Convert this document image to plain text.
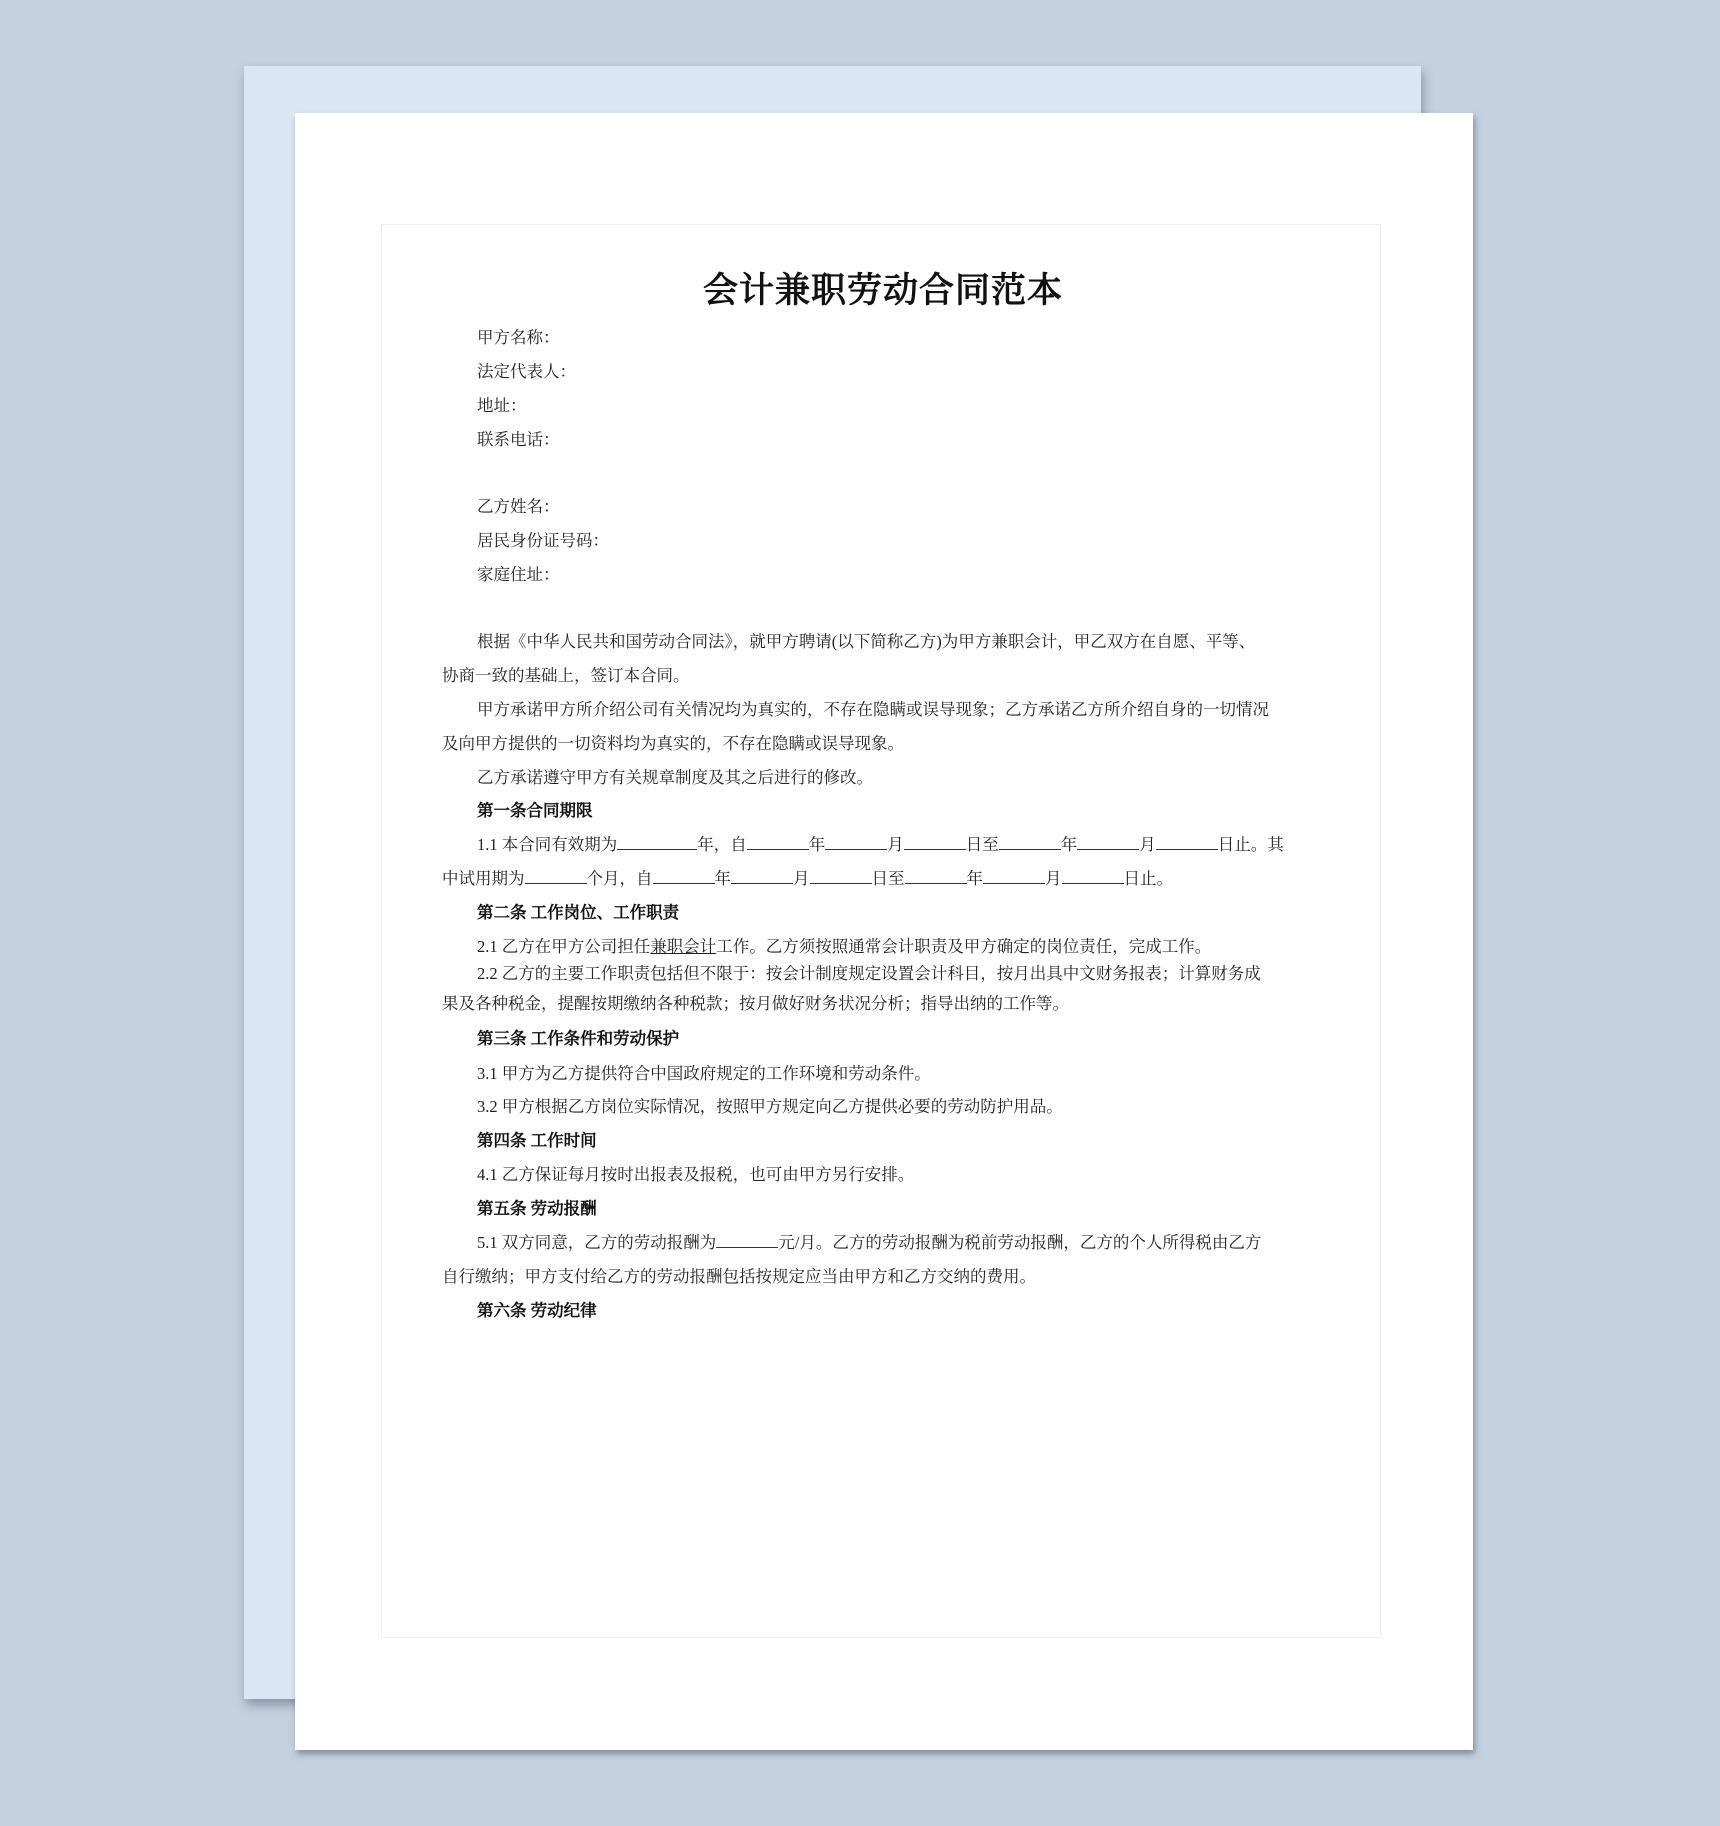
会计兼职劳动合同范本
甲方名称：
法定代表人：
地址：
联系电话：
乙方姓名：
居民身份证号码：
家庭住址：
根据《中华人民共和国劳动合同法》，就甲方聘请(以下简称乙方)为甲方兼职会计，甲乙双方在自愿、平等、
协商一致的基础上，签订本合同。
甲方承诺甲方所介绍公司有关情况均为真实的，不存在隐瞒或误导现象；乙方承诺乙方所介绍自身的一切情况
及向甲方提供的一切资料均为真实的，不存在隐瞒或误导现象。
乙方承诺遵守甲方有关规章制度及其之后进行的修改。
第一条合同期限
1.1 本合同有效期为	年，自	年	月	日至	年	月	日止。其
中试用期为	个月，自	年	月	日至	年	月	日止。
第二条 工作岗位、工作职责
2.1 乙方在甲方公司担任兼职会计工作。乙方须按照通常会计职责及甲方确定的岗位责任，完成工作。
2.2 乙方的主要工作职责包括但不限于：按会计制度规定设置会计科目，按月出具中文财务报表；计算财务成
果及各种税金，提醒按期缴纳各种税款；按月做好财务状况分析；指导出纳的工作等。
第三条 工作条件和劳动保护
3.1 甲方为乙方提供符合中国政府规定的工作环境和劳动条件。
3.2 甲方根据乙方岗位实际情况，按照甲方规定向乙方提供必要的劳动防护用品。
第四条 工作时间
4.1 乙方保证每月按时出报表及报税，也可由甲方另行安排。
第五条 劳动报酬
5.1 双方同意，乙方的劳动报酬为	元/月。乙方的劳动报酬为税前劳动报酬，乙方的个人所得税由乙方
自行缴纳；甲方支付给乙方的劳动报酬包括按规定应当由甲方和乙方交纳的费用。
第六条 劳动纪律
